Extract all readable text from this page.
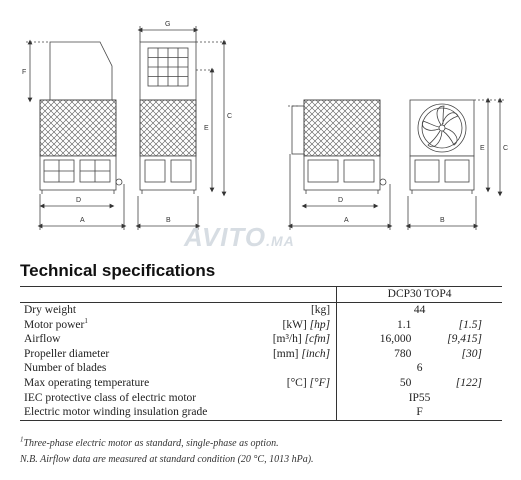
F
D
A
G
C
E
B
D
A
C
E
B
AVITO.MA
Technical specifications
		DCP30 TOP4	
Dry weight	[kg]	44	
Motor power$^1$	[kW] [hp]	1.1	[1.5]
Airflow	[m³/h] [cfm]	16,000	[9,415]
Propeller diameter	[mm] [inch]	780	[30]
Number of blades		6	
Max operating temperature	[°C] [°F]	50	[122]
IEC protective class of electric motor		IP55	
Electric motor winding insulation grade		F	
$^1$Three-phase electric motor as standard, single-phase as option.
N.B. Airflow data are measured at standard condition (20 °C, 1013 hPa).
